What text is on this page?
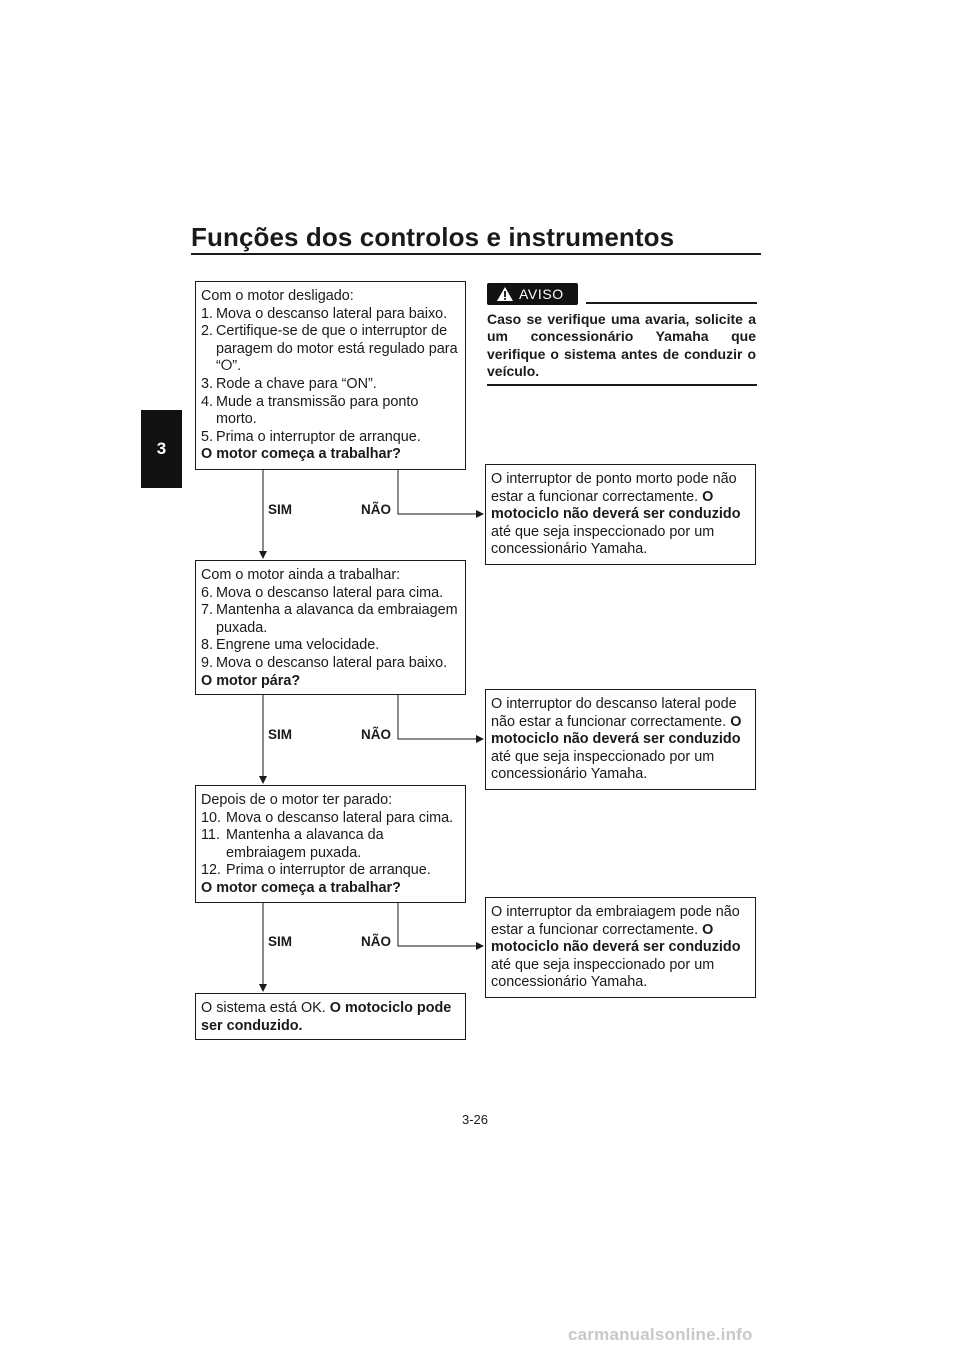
Funções dos controlos e instrumentos
3

Com o motor desligado:

1. Mova o descanso lateral para baixo.
2. Certifique-se de que o interruptor de paragem do motor está regulado para “⭘”.
3. Rode a chave para “ON”.
4. Mude a transmissão para ponto morto.
5. Prima o interruptor de arranque.

O motor começa a trabalhar?

SIM	NÃO

Com o motor ainda a trabalhar:

6. Mova o descanso lateral para cima.
7. Mantenha a alavanca da embraiagem puxada.
8. Engrene uma velocidade.
9. Mova o descanso lateral para baixo.

O motor pára?

SIM	NÃO

Depois de o motor ter parado:

10. Mova o descanso lateral para cima.
11. Mantenha a alavanca da embraiagem puxada.
12. Prima o interruptor de arranque.

O motor começa a trabalhar?

SIM	NÃO

O sistema está OK. O motociclo pode ser conduzido.

AVISO
Caso se verifique uma avaria, solicite a um concessionário Yamaha que verifique o sistema antes de conduzir o veículo.

O interruptor de ponto morto pode não estar a funcionar correctamente. O motociclo não deverá ser conduzido até que seja inspeccionado por um concessionário Yamaha.

O interruptor do descanso lateral pode não estar a funcionar correctamente. O motociclo não deverá ser conduzido até que seja inspeccionado por um concessionário Yamaha.

O interruptor da embraiagem pode não estar a funcionar correctamente. O motociclo não deverá ser conduzido até que seja inspeccionado por um concessionário Yamaha.

3-26
carmanualsonline.info
